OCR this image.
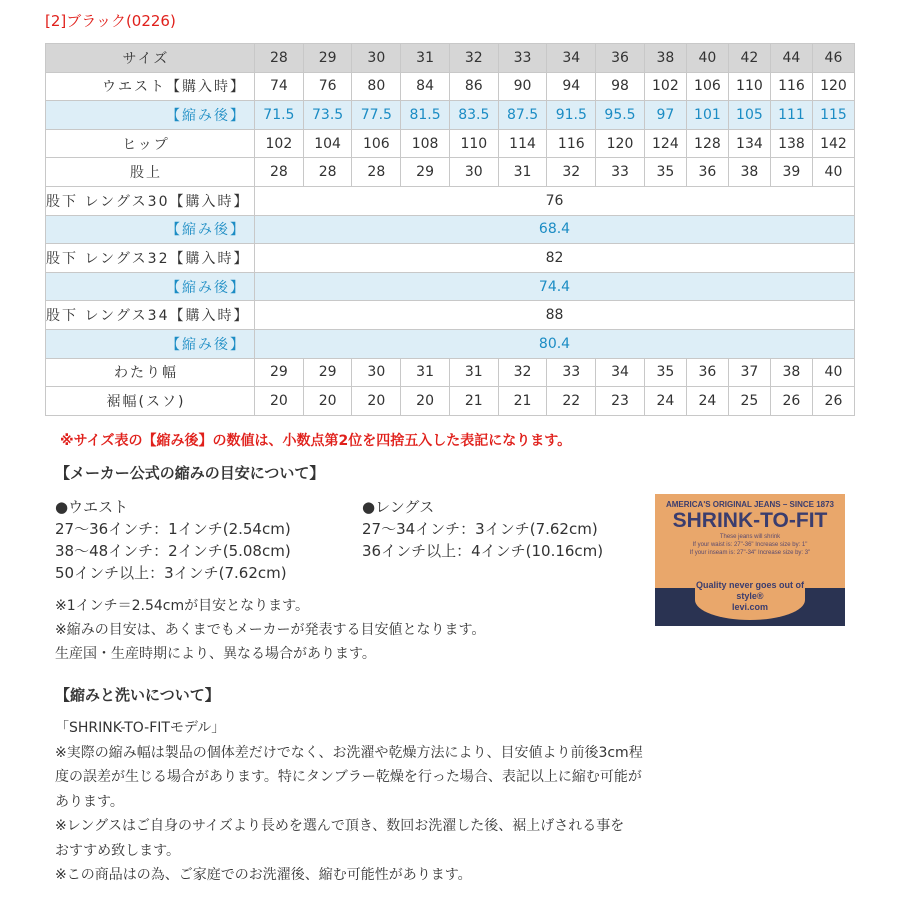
[2]ブラック(0226)
サイズ	28	29	30	31	32	33	34	36	38	40	42	44	46
ウエスト【購入時】	74	76	80	84	86	90	94	98	102	106	110	116	120
【縮み後】	71.5	73.5	77.5	81.5	83.5	87.5	91.5	95.5	97	101	105	111	115
ヒップ	102	104	106	108	110	114	116	120	124	128	134	138	142
股上	28	28	28	29	30	31	32	33	35	36	38	39	40
股下 レングス30【購入時】	76												
【縮み後】	68.4												
股下 レングス32【購入時】	82												
【縮み後】	74.4												
股下 レングス34【購入時】	88												
【縮み後】	80.4												
わたり幅	29	29	30	31	31	32	33	34	35	36	37	38	40
裾幅(スソ)	20	20	20	20	21	21	22	23	24	24	25	26	26
※サイズ表の【縮み後】の数値は、小数点第2位を四捨五入した表記になります。
【メーカー公式の縮みの目安について】
●ウエスト
27〜36インチ：1インチ(2.54cm)
38〜48インチ：2インチ(5.08cm)
50インチ以上：3インチ(7.62cm)
●レングス
27〜34インチ：3インチ(7.62cm)
36インチ以上：4インチ(10.16cm)
※1インチ＝2.54cmが目安となります。
※縮みの目安は、あくまでもメーカーが発表する目安値となります。
生産国・生産時期により、異なる場合があります。
AMERICA'S ORIGINAL JEANS – SINCE 1873
SHRINK-TO-FIT
These jeans will shrink
If your waist is: 27"-36" Increase size by: 1"
If your inseam is: 27"-34" Increase size by: 3"
Quality never goes out of style®
levi.com
【縮みと洗いについて】
「SHRINK-TO-FITモデル」
※実際の縮み幅は製品の個体差だけでなく、お洗濯や乾燥方法により、目安値より前後3cm程
度の誤差が生じる場合があります。特にタンブラー乾燥を行った場合、表記以上に縮む可能が
あります。
※レングスはご自身のサイズより長めを選んで頂き、数回お洗濯した後、裾上げされる事を
おすすめ致します。
※この商品はの為、ご家庭でのお洗濯後、縮む可能性があります。
